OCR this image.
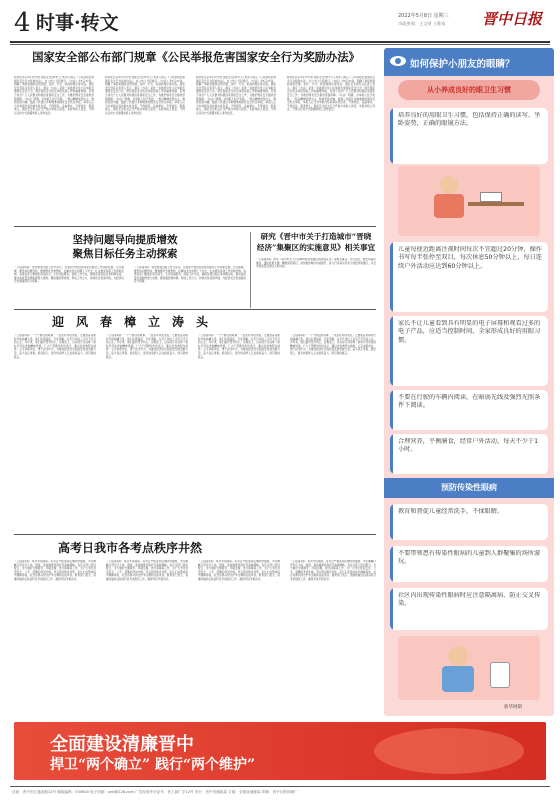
4 时事·转文	2022年5月8日 星期三
市政要闻：王文财 王维家 晋中日报
国家安全部公布部门规章《公民举报危害国家安全行为奖励办法》
新华社北京4月17日电 国家安全部17日公布部门规章《公民举报危害国家安全行为奖励办法》，自公布之日起施行。《办法》共5章27条，明确了举报奖励的适用范围、条件、方式、标准和程序等内容。国家安全部有关负责人表示，制定《办法》是进一步鼓励引导公民举报危害国家安全行为，规范国家安全机关举报奖励工作的重要举措，有利于动员广大人民群众积极投身国家安全工作，为维护国家安全提供坚强保障。《办法》明确，对举报人给予奖励，一般以精神奖励为主，物质奖励为辅，鼓励公民通过多种渠道向国家安全机关举报。举报人应当对举报内容的真实性负责，不得捏造、歪曲事实，不得诬告、陷害他人。国家安全机关应当严格为举报人保密，未经举报人同意，不得以任何方式泄露举报人身份信息。
新华社北京4月17日电 国家安全部17日公布部门规章《公民举报危害国家安全行为奖励办法》，自公布之日起施行。《办法》共5章27条，明确了举报奖励的适用范围、条件、方式、标准和程序等内容。国家安全部有关负责人表示，制定《办法》是进一步鼓励引导公民举报危害国家安全行为，规范国家安全机关举报奖励工作的重要举措，有利于动员广大人民群众积极投身国家安全工作，为维护国家安全提供坚强保障。《办法》明确，对举报人给予奖励，一般以精神奖励为主，物质奖励为辅，鼓励公民通过多种渠道向国家安全机关举报。举报人应当对举报内容的真实性负责，不得捏造、歪曲事实，不得诬告、陷害他人。国家安全机关应当严格为举报人保密，未经举报人同意，不得以任何方式泄露举报人身份信息。
新华社北京4月17日电 国家安全部17日公布部门规章《公民举报危害国家安全行为奖励办法》，自公布之日起施行。《办法》共5章27条，明确了举报奖励的适用范围、条件、方式、标准和程序等内容。国家安全部有关负责人表示，制定《办法》是进一步鼓励引导公民举报危害国家安全行为，规范国家安全机关举报奖励工作的重要举措，有利于动员广大人民群众积极投身国家安全工作，为维护国家安全提供坚强保障。《办法》明确，对举报人给予奖励，一般以精神奖励为主，物质奖励为辅，鼓励公民通过多种渠道向国家安全机关举报。举报人应当对举报内容的真实性负责，不得捏造、歪曲事实，不得诬告、陷害他人。国家安全机关应当严格为举报人保密，未经举报人同意，不得以任何方式泄露举报人身份信息。
新华社北京4月17日电 国家安全部17日公布部门规章《公民举报危害国家安全行为奖励办法》，自公布之日起施行。《办法》共5章27条，明确了举报奖励的适用范围、条件、方式、标准和程序等内容。国家安全部有关负责人表示，制定《办法》是进一步鼓励引导公民举报危害国家安全行为，规范国家安全机关举报奖励工作的重要举措，有利于动员广大人民群众积极投身国家安全工作，为维护国家安全提供坚强保障。《办法》明确，对举报人给予奖励，一般以精神奖励为主，物质奖励为辅，鼓励公民通过多种渠道向国家安全机关举报。举报人应当对举报内容的真实性负责，不得捏造、歪曲事实，不得诬告、陷害他人。国家安全机关应当严格为举报人保密，未经举报人同意，不得以任何方式泄露举报人身份信息。
坚持问题导向提质增效
聚焦目标任务主动探索
（上接第1版）使思想观念跟上时代步伐，以更加开放包容的姿态推动工作创新发展。会议强调，要坚持问题导向，聚焦群众急难愁盼，在解决突出问题上下功夫，扎实推进各项工作落地见效。各级各部门要强化责任担当，主动对接服务，创新工作方法，确保各项目标任务如期完成，推动高质量发展取得更大成效。要加强统筹协调，形成工作合力，持续优化营商环境，为经济社会发展提供有力保障。
（上接第1版）使思想观念跟上时代步伐，以更加开放包容的姿态推动工作创新发展。会议强调，要坚持问题导向，聚焦群众急难愁盼，在解决突出问题上下功夫，扎实推进各项工作落地见效。各级各部门要强化责任担当，主动对接服务，创新工作方法，确保各项目标任务如期完成，推动高质量发展取得更大成效。要加强统筹协调，形成工作合力，持续优化营商环境，为经济社会发展提供有力保障。
研究《晋中市关于打造城市“晋晓
经济”集聚区的实施意见》相关事宜
（上接第1版）研究《晋中市关于打造城市经济集聚区的实施意见》等相关事宜。会议指出，要坚持高位推动，强化政策支撑，精准谋划项目，加快推进城市功能提升，着力打造具有竞争力的经济集聚区，为全市高质量发展注入新动能。
迎　风　春　樟　立　涛　头
（上接第1版）一个个鲜活的故事，一张张朴实的笑脸，汇聚成奋进新时代的磅礴力量。他们扎根基层、无私奉献，在平凡岗位上书写不平凡的人生。多年来，他们始终坚守初心，迎难而上，以实际行动诠释了新时代劳动者的精神风貌。广大干部群众纷纷表示，要以先进典型为榜样，立足本职岗位，勇于担当作为，为推动经济社会高质量发展贡献力量。奋斗者正青春，新征程上，更多的追梦人正在接续奋斗，续写新的篇章。
（上接第1版）一个个鲜活的故事，一张张朴实的笑脸，汇聚成奋进新时代的磅礴力量。他们扎根基层、无私奉献，在平凡岗位上书写不平凡的人生。多年来，他们始终坚守初心，迎难而上，以实际行动诠释了新时代劳动者的精神风貌。广大干部群众纷纷表示，要以先进典型为榜样，立足本职岗位，勇于担当作为，为推动经济社会高质量发展贡献力量。奋斗者正青春，新征程上，更多的追梦人正在接续奋斗，续写新的篇章。
（上接第1版）一个个鲜活的故事，一张张朴实的笑脸，汇聚成奋进新时代的磅礴力量。他们扎根基层、无私奉献，在平凡岗位上书写不平凡的人生。多年来，他们始终坚守初心，迎难而上，以实际行动诠释了新时代劳动者的精神风貌。广大干部群众纷纷表示，要以先进典型为榜样，立足本职岗位，勇于担当作为，为推动经济社会高质量发展贡献力量。奋斗者正青春，新征程上，更多的追梦人正在接续奋斗，续写新的篇章。
（上接第1版）一个个鲜活的故事，一张张朴实的笑脸，汇聚成奋进新时代的磅礴力量。他们扎根基层、无私奉献，在平凡岗位上书写不平凡的人生。多年来，他们始终坚守初心，迎难而上，以实际行动诠释了新时代劳动者的精神风貌。广大干部群众纷纷表示，要以先进典型为榜样，立足本职岗位，勇于担当作为，为推动经济社会高质量发展贡献力量。奋斗者正青春，新征程上，更多的追梦人正在接续奋斗，续写新的篇章。
高考日我市各考点秩序井然
（上接第1版）本次考试期间，各考点严格落实疫情防控措施，考生佩戴口罩有序入场，测温、查验健康码等环节高效顺畅。各有关部门密切配合，全力做好交通疏导、环境治理、医疗保障等工作，为广大考生营造安全、公平、温馨的考试环境。考点周边秩序井然，家长们在警戒线外静静等待，社会各界共同守护考生顺利完成考试。教育部门表示，将继续做好后续各科目考试组织工作，确保考试平稳有序。
（上接第1版）本次考试期间，各考点严格落实疫情防控措施，考生佩戴口罩有序入场，测温、查验健康码等环节高效顺畅。各有关部门密切配合，全力做好交通疏导、环境治理、医疗保障等工作，为广大考生营造安全、公平、温馨的考试环境。考点周边秩序井然，家长们在警戒线外静静等待，社会各界共同守护考生顺利完成考试。教育部门表示，将继续做好后续各科目考试组织工作，确保考试平稳有序。
（上接第1版）本次考试期间，各考点严格落实疫情防控措施，考生佩戴口罩有序入场，测温、查验健康码等环节高效顺畅。各有关部门密切配合，全力做好交通疏导、环境治理、医疗保障等工作，为广大考生营造安全、公平、温馨的考试环境。考点周边秩序井然，家长们在警戒线外静静等待，社会各界共同守护考生顺利完成考试。教育部门表示，将继续做好后续各科目考试组织工作，确保考试平稳有序。
（上接第1版）本次考试期间，各考点严格落实疫情防控措施，考生佩戴口罩有序入场，测温、查验健康码等环节高效顺畅。各有关部门密切配合，全力做好交通疏导、环境治理、医疗保障等工作，为广大考生营造安全、公平、温馨的考试环境。考点周边秩序井然，家长们在警戒线外静静等待，社会各界共同守护考生顺利完成考试。教育部门表示，将继续做好后续各科目考试组织工作，确保考试平稳有序。
如何保护小朋友的眼睛？
从小养成良好的眼卫生习惯
培养良好的用眼卫生习惯，包括保持正确的读写、坐卧姿势，正确的眼镜方法。
儿童每使近距离注视时间每次不宜超过20分钟，操作书写每半张停至双目，每次休息50分钟以上，每日连续户外活动应达到60分钟以上。
家长不让儿童看到具有明显的电子屏幕和观看过多的电子产品，应适当控制时间，全家形成良好的用眼习惯。
不要在行驶的车辆内阅读，在暗弱光线及强烈光照条件下阅读。
合理营养，平衡膳食，经常户外活动，每天不少于1小时。
预防传染性眼病
教育和督促儿童经常洗手，不揉眼睛。
不要带领患有传染性眼病的儿童到人群聚集的场所游玩。
社区内出现传染性眼病时应注意隔离病，防止交叉传染。
新华网制
全面建设清廉晋中
捍卫“两个确立” 践行“两个维护”
社址：晋中市汇通北路12号 邮政编码：030600 电子信箱：jzrb@126.com 广告经营许可证号：晋工商广字12号 发行：晋中市邮政局 订阅：全国各地邮局 印刷：晋中日报印刷厂
